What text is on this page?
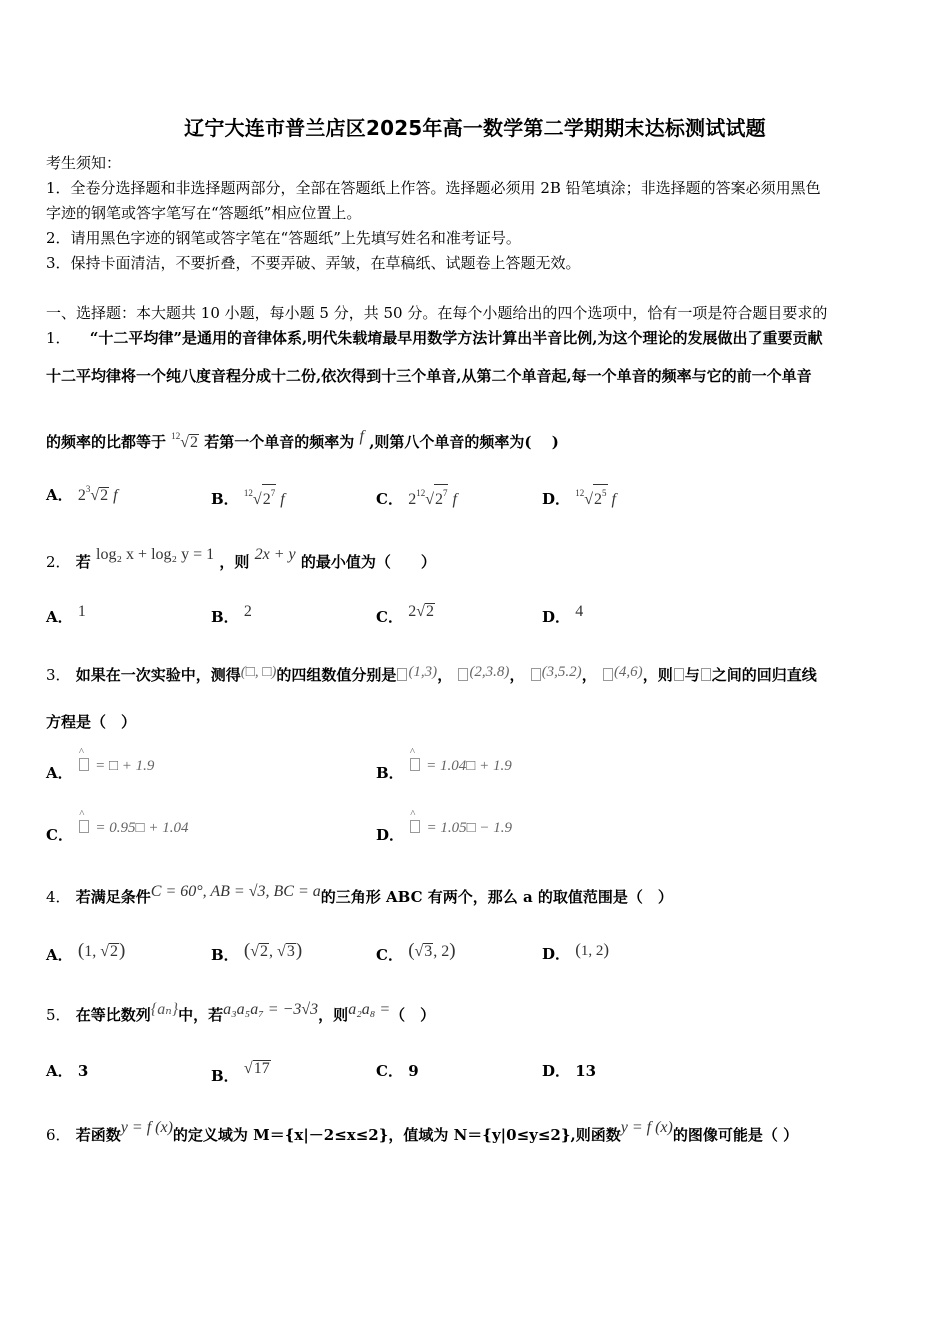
辽宁大连市普兰店区2025年高一数学第二学期期末达标测试试题
考生须知：
1．全卷分选择题和非选择题两部分，全部在答题纸上作答。选择题必须用 2B 铅笔填涂；非选择题的答案必须用黑色
字迹的钢笔或答字笔写在“答题纸”相应位置上。
2．请用黑色字迹的钢笔或答字笔在“答题纸”上先填写姓名和准考证号。
3．保持卡面清洁，不要折叠，不要弄破、弄皱，在草稿纸、试题卷上答题无效。
一、选择题：本大题共 10 小题，每小题 5 分，共 50 分。在每个小题给出的四个选项中，恰有一项是符合题目要求的
1． “十二平均律”是通用的音律体系,明代朱载堉最早用数学方法计算出半音比例,为这个理论的发展做出了重要贡献
十二平均律将一个纯八度音程分成十二份,依次得到十三个单音,从第二个单音起,每一个单音的频率与它的前一个单音
的频率的比都等于 $^{12}$√2 若第一个单音的频率为 f ,则第八个单音的频率为(　 )
A． $2^3√2$ f	B． $^{12}√2^7$ f	C． $2^{12}√2^7$ f	D． $^{12}√2^5$ f
2． 若 log₂ x + log₂ y = 1 ，则 2x + y 的最小值为（　　）
A． 1	B． 2	C． 2√2	D． 4
3． 如果在一次实验中，测得(□, □)的四组数值分别是 (1,3)， (2,3.8)， (3,5.2)， (4,6)，则 与 之间的回归直线
方程是（　）
A． ^ = □ + 1.9	B． ^ = 1.04□ + 1.9
C． ^ = 0.95□ + 1.04	D． ^ = 1.05□ − 1.9
4． 若满足条件C = 60°, AB = √3, BC = a的三角形 ABC 有两个，那么 a 的取值范围是（　）
A． (1, √2)	B． (√2, √3)	C． (√3, 2)	D． (1, 2)
5． 在等比数列{aₙ}中，若a₃a₅a₇ = −3√3，则a₂a₈ =（　）
A． 3	B． √17	C． 9	D． 13
6． 若函数y = f (x)的定义域为 M＝{x|－2≤x≤2}，值域为 N＝{y|0≤y≤2},则函数y = f (x)的图像可能是（ ）
